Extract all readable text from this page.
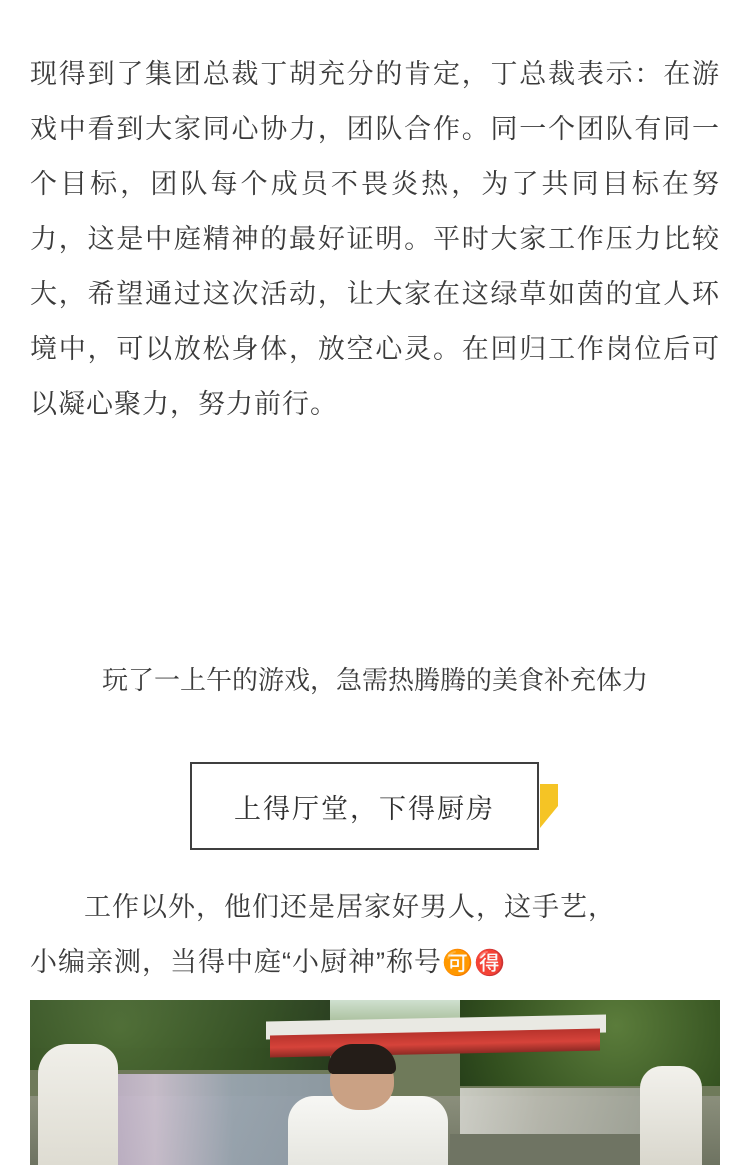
现得到了集团总裁丁胡充分的肯定，丁总裁表示：在游戏中看到大家同心协力，团队合作。同一个团队有同一个目标，团队每个成员不畏炎热，为了共同目标在努力，这是中庭精神的最好证明。平时大家工作压力比较大，希望通过这次活动，让大家在这绿草如茵的宜人环境中，可以放松身体，放空心灵。在回归工作岗位后可以凝心聚力，努力前行。

玩了一上午的游戏，急需热腾腾的美食补充体力

上得厅堂，下得厨房
工作以外，他们还是居家好男人，这手艺，
小编亲测，当得中庭“小厨神”称号🉑🉐
